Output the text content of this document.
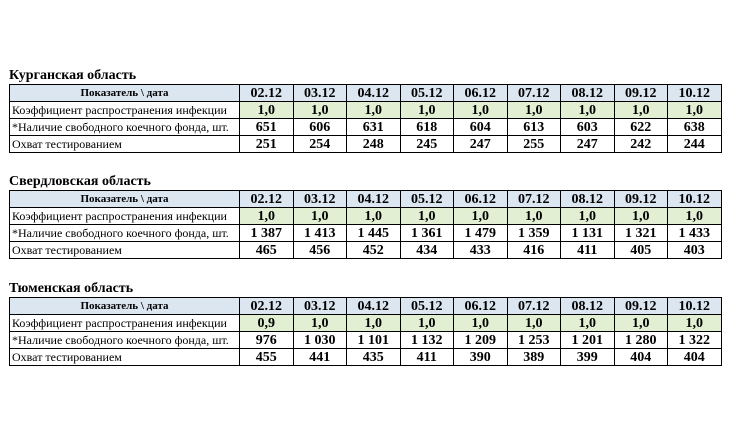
Курганская область
Показатель \ дата	02.12	03.12	04.12	05.12	06.12	07.12	08.12	09.12	10.12
Коэффициент распространения инфекции	1,0	1,0	1,0	1,0	1,0	1,0	1,0	1,0	1,0
*Наличие свободного коечного фонда, шт.	651	606	631	618	604	613	603	622	638
Охват тестированием	251	254	248	245	247	255	247	242	244
Свердловская область
Показатель \ дата	02.12	03.12	04.12	05.12	06.12	07.12	08.12	09.12	10.12
Коэффициент распространения инфекции	1,0	1,0	1,0	1,0	1,0	1,0	1,0	1,0	1,0
*Наличие свободного коечного фонда, шт.	1 387	1 413	1 445	1 361	1 479	1 359	1 131	1 321	1 433
Охват тестированием	465	456	452	434	433	416	411	405	403
Тюменская область
Показатель \ дата	02.12	03.12	04.12	05.12	06.12	07.12	08.12	09.12	10.12
Коэффициент распространения инфекции	0,9	1,0	1,0	1,0	1,0	1,0	1,0	1,0	1,0
*Наличие свободного коечного фонда, шт.	976	1 030	1 101	1 132	1 209	1 253	1 201	1 280	1 322
Охват тестированием	455	441	435	411	390	389	399	404	404
